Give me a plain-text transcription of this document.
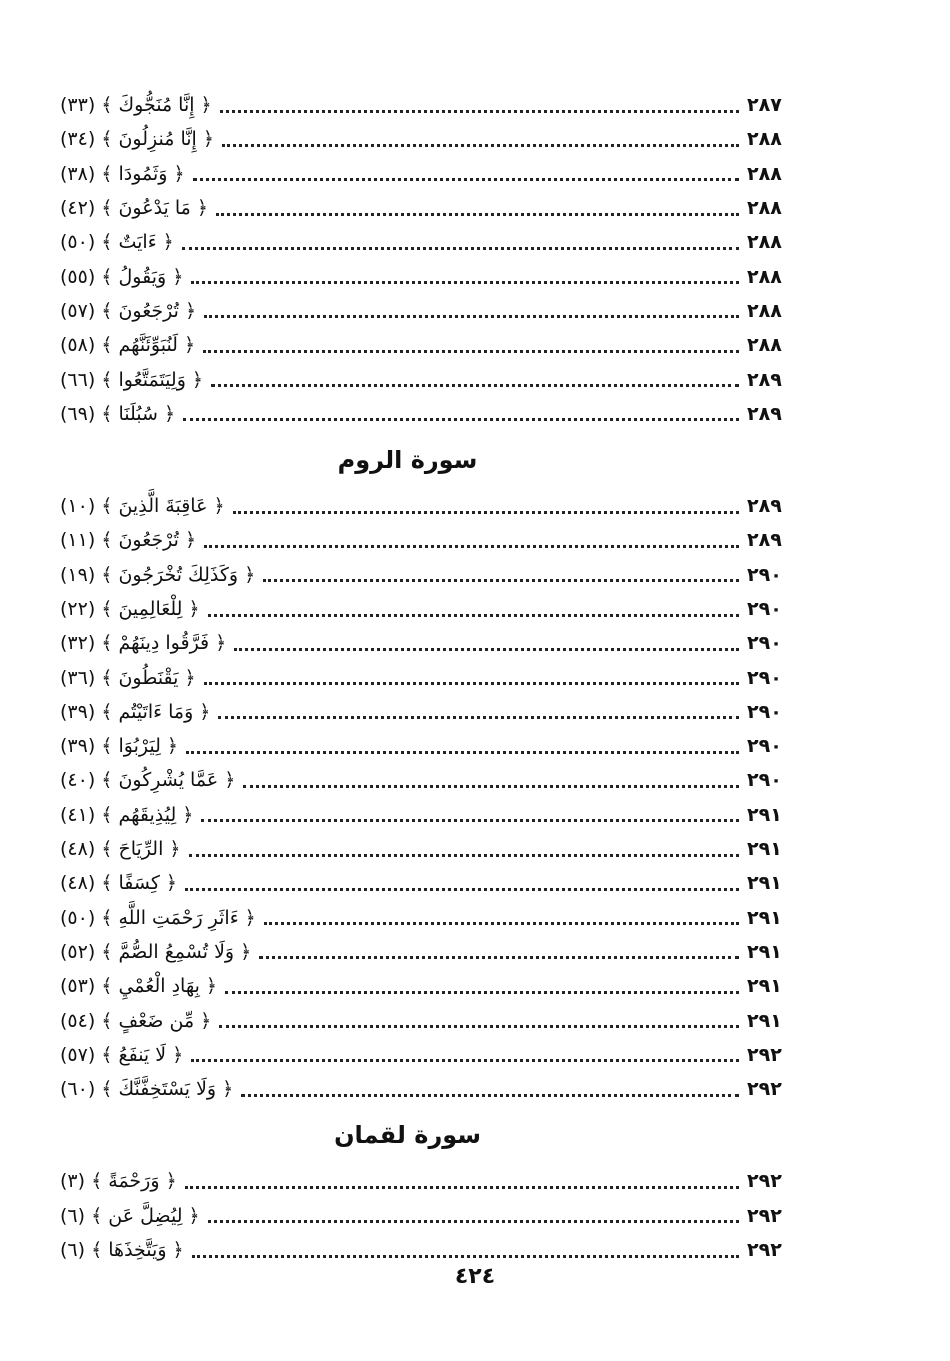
﴿ إِنَّا مُنَجُّوكَ ﴾ (٣٣)	٢٨٧
﴿ إِنَّا مُنزِلُونَ ﴾ (٣٤)	٢٨٨
﴿ وَثَمُودَا ﴾ (٣٨)	٢٨٨
﴿ مَا يَدْعُونَ ﴾ (٤٢)	٢٨٨
﴿ ءَايَتٌ ﴾ (٥٠)	٢٨٨
﴿ وَيَقُولُ ﴾ (٥٥)	٢٨٨
﴿ تُرْجَعُونَ ﴾ (٥٧)	٢٨٨
﴿ لَنُبَوِّئَنَّهُم ﴾ (٥٨)	٢٨٨
﴿ وَلِيَتَمَتَّعُوا ﴾ (٦٦)	٢٨٩
﴿ سُبُلَنَا ﴾ (٦٩)	٢٨٩
سورة الروم
﴿ عَاقِبَةَ الَّذِينَ ﴾ (١٠)	٢٨٩
﴿ تُرْجَعُونَ ﴾ (١١)	٢٨٩
﴿ وَكَذَلِكَ تُخْرَجُونَ ﴾ (١٩)	٢٩٠
﴿ لِلْعَالِمِينَ ﴾ (٢٢)	٢٩٠
﴿ فَرَّقُوا دِينَهُمْ ﴾ (٣٢)	٢٩٠
﴿ يَقْنَطُونَ ﴾ (٣٦)	٢٩٠
﴿ وَمَا ءَاتَيْتُم ﴾ (٣٩)	٢٩٠
﴿ لِيَرْبُوَا ﴾ (٣٩)	٢٩٠
﴿ عَمَّا يُشْرِكُونَ ﴾ (٤٠)	٢٩٠
﴿ لِيُذِيقَهُم ﴾ (٤١)	٢٩١
﴿ الرِّيَاحَ ﴾ (٤٨)	٢٩١
﴿ كِسَفًا ﴾ (٤٨)	٢٩١
﴿ ءَاثَرِ رَحْمَتِ اللَّهِ ﴾ (٥٠)	٢٩١
﴿ وَلَا تُسْمِعُ الصُّمَّ ﴾ (٥٢)	٢٩١
﴿ بِهَادِ الْعُمْيِ ﴾ (٥٣)	٢٩١
﴿ مِّن ضَعْفٍ ﴾ (٥٤)	٢٩١
﴿ لَا يَنفَعُ ﴾ (٥٧)	٢٩٢
﴿ وَلَا يَسْتَخِفَّنَّكَ ﴾ (٦٠)	٢٩٢
سورة لقمان
﴿ وَرَحْمَةً ﴾ (٣)	٢٩٢
﴿ لِيُضِلَّ عَن ﴾ (٦)	٢٩٢
﴿ وَيَتَّخِذَهَا ﴾ (٦)	٢٩٢
٤٢٤
